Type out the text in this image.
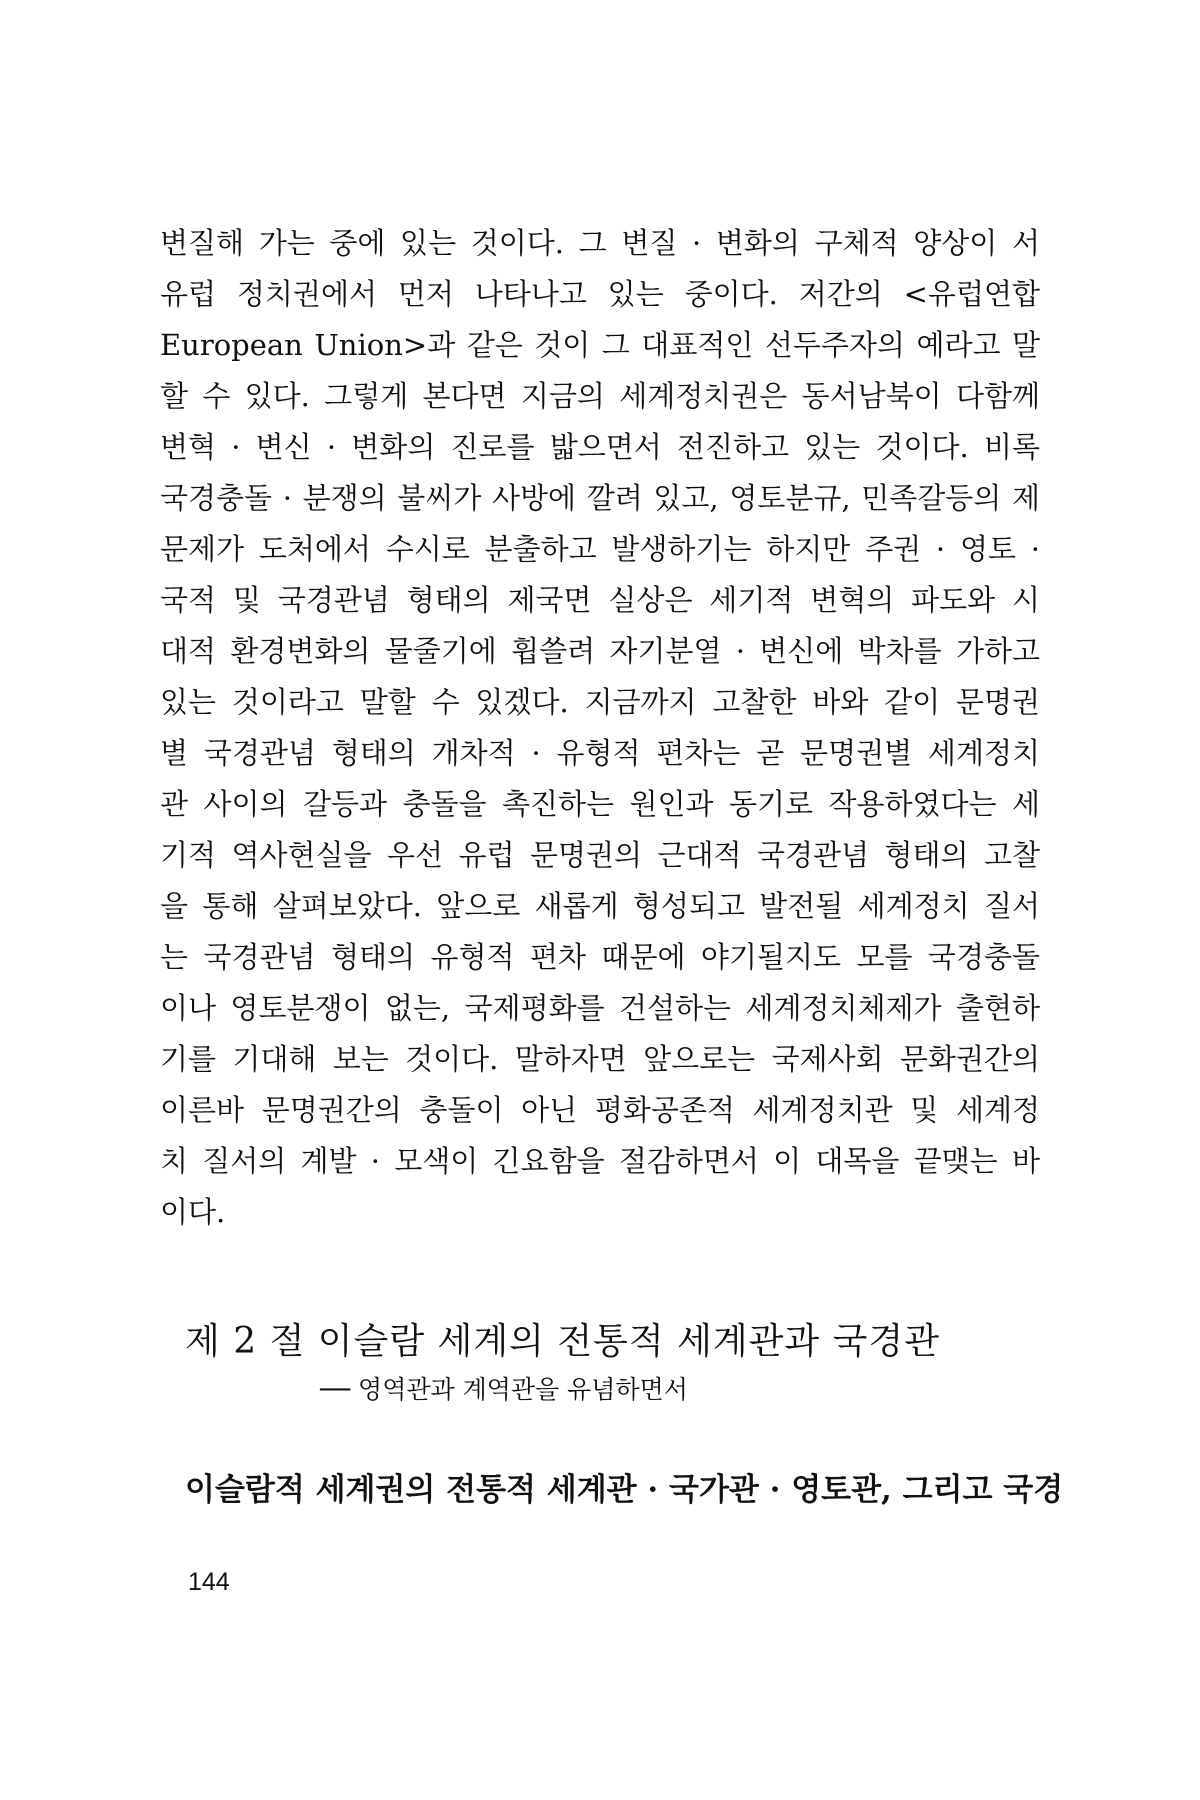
변질해 가는 중에 있는 것이다. 그 변질 · 변화의 구체적 양상이 서
유럽 정치권에서 먼저 나타나고 있는 중이다. 저간의 <유럽연합
European Union>과 같은 것이 그 대표적인 선두주자의 예라고 말
할 수 있다. 그렇게 본다면 지금의 세계정치권은 동서남북이 다함께
변혁 · 변신 · 변화의 진로를 밟으면서 전진하고 있는 것이다. 비록
국경충돌 · 분쟁의 불씨가 사방에 깔려 있고, 영토분규, 민족갈등의 제
문제가 도처에서 수시로 분출하고 발생하기는 하지만 주권 · 영토 ·
국적 및 국경관념 형태의 제국면 실상은 세기적 변혁의 파도와 시
대적 환경변화의 물줄기에 휩쓸려 자기분열 · 변신에 박차를 가하고
있는 것이라고 말할 수 있겠다. 지금까지 고찰한 바와 같이 문명권
별 국경관념 형태의 개차적 · 유형적 편차는 곧 문명권별 세계정치
관 사이의 갈등과 충돌을 촉진하는 원인과 동기로 작용하였다는 세
기적 역사현실을 우선 유럽 문명권의 근대적 국경관념 형태의 고찰
을 통해 살펴보았다. 앞으로 새롭게 형성되고 발전될 세계정치 질서
는 국경관념 형태의 유형적 편차 때문에 야기될지도 모를 국경충돌
이나 영토분쟁이 없는, 국제평화를 건설하는 세계정치체제가 출현하
기를 기대해 보는 것이다. 말하자면 앞으로는 국제사회 문화권간의
이른바 문명권간의 충돌이 아닌 평화공존적 세계정치관 및 세계정
치 질서의 계발 · 모색이 긴요함을 절감하면서 이 대목을 끝맺는 바
이다.
제 2 절 이슬람 세계의 전통적 세계관과 국경관
── 영역관과 계역관을 유념하면서
이슬람적 세계권의 전통적 세계관 · 국가관 · 영토관, 그리고 국경
144
